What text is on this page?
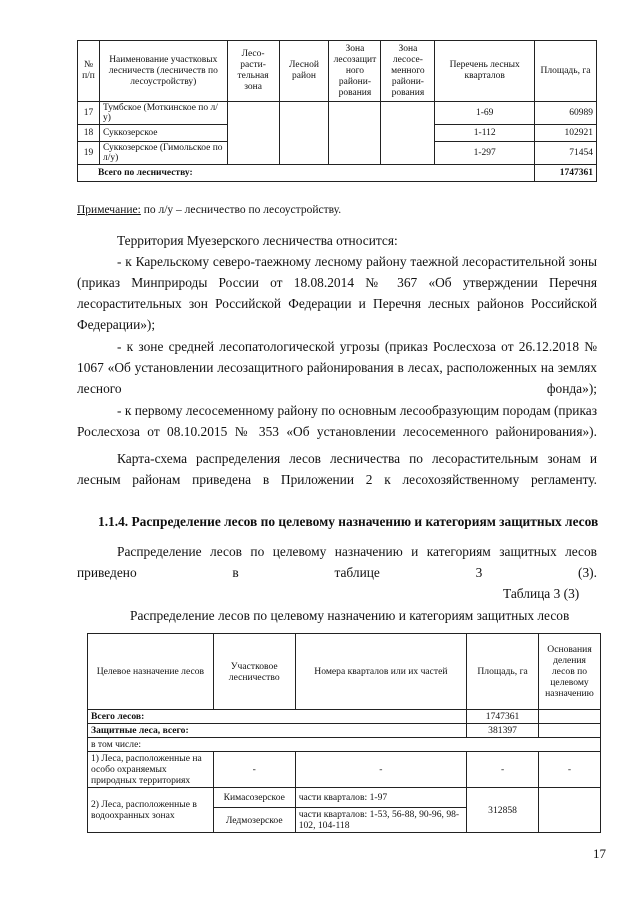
№ п/п	Наименование участковых лесничеств (лесничеств по лесоустройству)	Лесо-расти-тельная зона	Лесной район	Зона лесозащит ного райони-рования	Зона лесосе-менного райони-рования	Перечень лесных кварталов	Площадь, га
17	Тумбское (Моткинское по л/у)					1-69	60989
18	Суккозерское					1-112	102921
19	Суккозерское (Гимольское по л/у)					1-297	71454
Всего по лесничеству:							1747361
Примечание: по л/у – лесничество по лесоустройству.
Территория Муезерского лесничества относится:
- к Карельскому северо-таежному лесному району таежной лесорастительной зоны (приказ Минприроды России от 18.08.2014 № 367 «Об утверждении Перечня лесорастительных зон Российской Федерации и Перечня лесных районов Российской Федерации»);
- к зоне средней лесопатологической угрозы (приказ Рослесхоза от 26.12.2018 № 1067 «Об установлении лесозащитного районирования в лесах, расположенных на землях лесного фонда»);
- к первому лесосеменному району по основным лесообразующим породам (приказ Рослесхоза от 08.10.2015 № 353 «Об установлении лесосеменного районирования»).
Карта-схема распределения лесов лесничества по лесорастительным зонам и лесным районам приведена в Приложении 2 к лесохозяйственному регламенту.
1.1.4. Распределение лесов по целевому назначению и категориям защитных лесов
Распределение лесов по целевому назначению и категориям защитных лесов приведено в таблице 3 (3).
Таблица 3 (3)
Распределение лесов по целевому назначению и категориям защитных лесов
Целевое назначение лесов	Участковое лесничество	Номера кварталов или их частей	Площадь, га	Основания деления лесов по целевому назначению
Всего лесов:			1747361	
Защитные леса, всего:			381397	
в том числе:				
1) Леса, расположенные на особо охраняемых природных территориях	-	-	-	-
2) Леса, расположенные в водоохранных зонах	Кимасозерское	части кварталов: 1-97	312858	
	Ледмозерское	части кварталов: 1-53, 56-88, 90-96, 98-102, 104-118		
17
